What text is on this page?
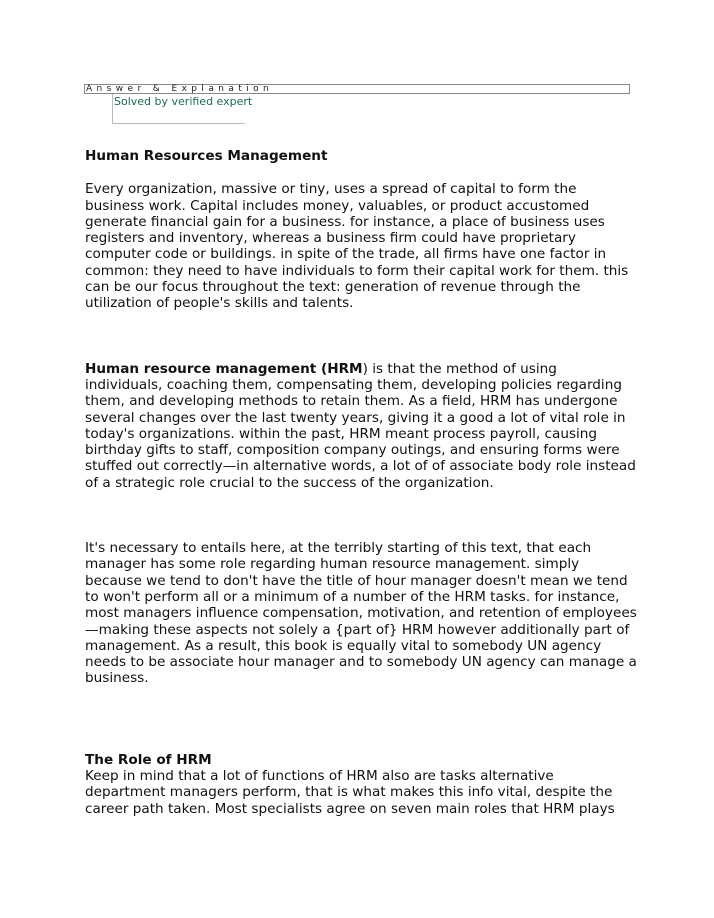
Answer & Explanation
Solved by verified expert

Human Resources Management

Every organization, massive or tiny, uses a spread of capital to form the business work. Capital includes money, valuables, or product accustomed generate financial gain for a business. for instance, a place of business uses registers and inventory, whereas a business firm could have proprietary computer code or buildings. in spite of the trade, all firms have one factor in common: they need to have individuals to form their capital work for them. this can be our focus throughout the text: generation of revenue through the utilization of people's skills and talents.

Human resource management (HRM) is that the method of using individuals, coaching them, compensating them, developing policies regarding them, and developing methods to retain them. As a field, HRM has undergone several changes over the last twenty years, giving it a good a lot of vital role in today's organizations. within the past, HRM meant process payroll, causing birthday gifts to staff, composition company outings, and ensuring forms were stuffed out correctly—in alternative words, a lot of of associate body role instead of a strategic role crucial to the success of the organization.

It's necessary to entails here, at the terribly starting of this text, that each manager has some role regarding human resource management. simply because we tend to don't have the title of hour manager doesn't mean we tend to won't perform all or a minimum of a number of the HRM tasks. for instance, most managers influence compensation, motivation, and retention of employees—making these aspects not solely a {part of} HRM however additionally part of management. As a result, this book is equally vital to somebody UN agency needs to be associate hour manager and to somebody UN agency can manage a business.

The Role of HRM

Keep in mind that a lot of functions of HRM also are tasks alternative department managers perform, that is what makes this info vital, despite the career path taken. Most specialists agree on seven main roles that HRM plays
